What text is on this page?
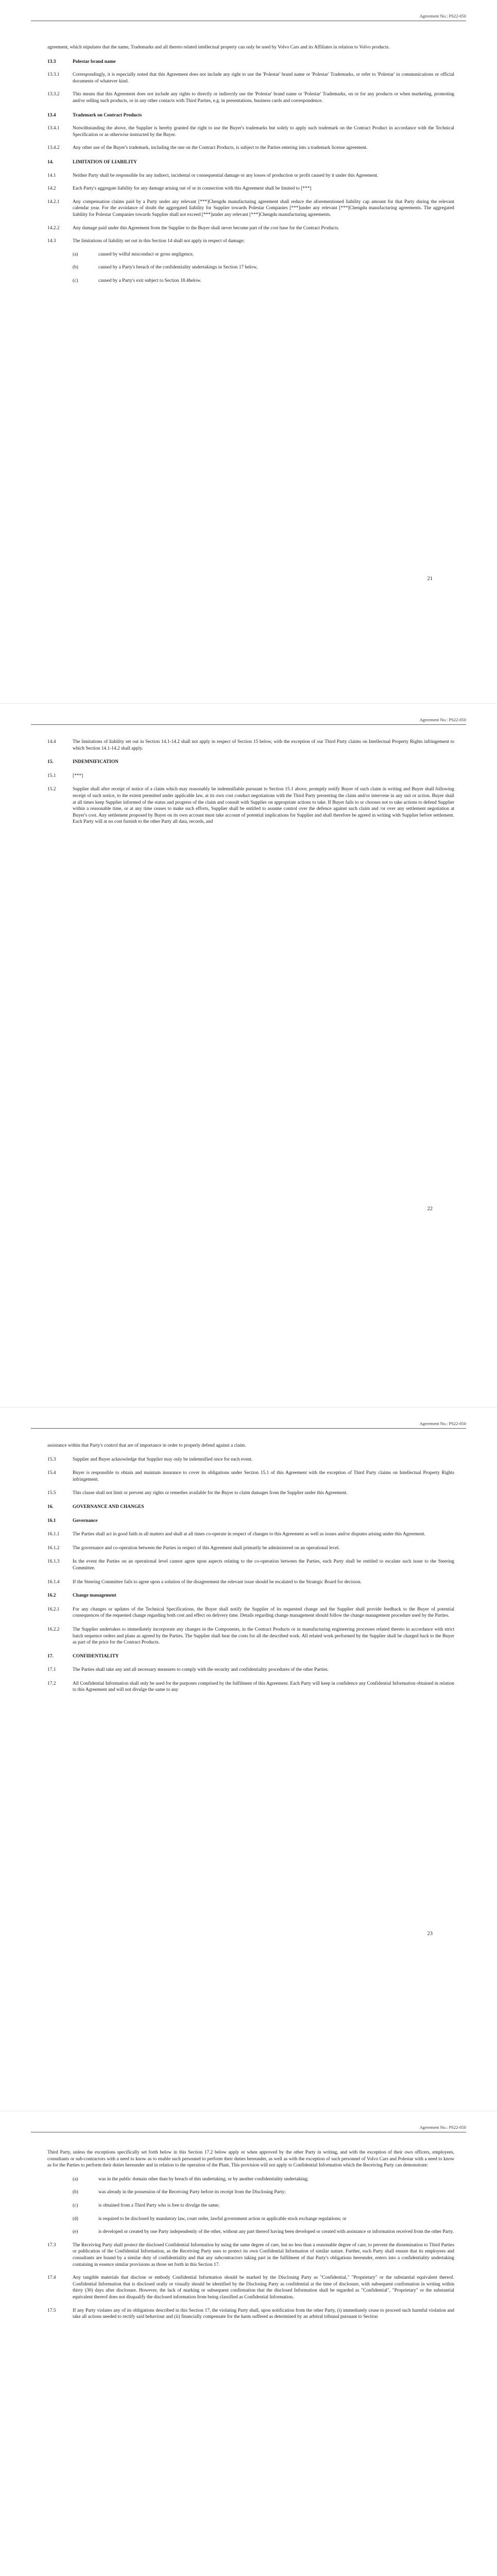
Agreement No.: PS22-050
agreement, which stipulates that the name, Trademarks and all thereto related intellectual property can only be used by Volvo Cars and its Affiliates in relation to Volvo products.
13.3	Polestar brand name
13.3.1	Correspondingly, it is especially noted that this Agreement does not include any right to use the 'Polestar' brand name or 'Polestar' Trademarks, or refer to 'Polestar' in communications or official documents of whatever kind.
13.3.2	This means that this Agreement does not include any rights to directly or indirectly use the 'Polestar' brand name or 'Polestar' Trademarks, on or for any products or when marketing, promoting and/or selling such products, or in any other contacts with Third Parties, e.g. in presentations, business cards and correspondence.
13.4	Trademark on Contract Products
13.4.1	Notwithstanding the above, the Supplier is hereby granted the right to use the Buyer's trademarks but solely to apply such trademark on the Contract Product in accordance with the Technical Specification or as otherwise instructed by the Buyer.
13.4.2	Any other use of the Buyer's trademark, including the one on the Contract Products, is subject to the Parties entering into a trademark license agreement.
14.	LIMITATION OF LIABILITY
14.1	Neither Party shall be responsible for any indirect, incidental or consequential damage or any losses of production or profit caused by it under this Agreement.
14.2	Each Party's aggregate liability for any damage arising out of or in connection with this Agreement shall be limited to [***]
14.2.1	Any compensation claims paid by a Party under any relevant [***]Chengdu manufacturing agreement shall reduce the aforementioned liability cap amount for that Party during the relevant calendar year. For the avoidance of doubt the aggregated liability for Supplier towards Polestar Companies [***]under any relevant [***]Chengdu manufacturing agreements. The aggregated liability for Polestar Companies towards Supplier shall not exceed [***]under any relevant [***]Chengdu manufacturing agreements.
14.2.2	Any damage paid under this Agreement from the Supplier to the Buyer shall never become part of the cost base for the Contract Products.
14.3	The limitations of liability set out in this Section 14 shall not apply in respect of damage;
(a)	caused by wilful misconduct or gross negligence,
(b)	caused by a Party's breach of the confidentiality undertakings in Section 17 below,
(c)	caused by a Party's exit subject to Section 18.4below.
21
Agreement No.: PS22-050
14.4	The limitations of liability set out in Section 14.1-14.2 shall not apply in respect of Section 15 below, with the exception of our Third Party claims on Intellectual Property Rights infringement to which Section 14.1-14.2 shall apply.
15.	INDEMNIFICATION
15.1	[***]
15.2	Supplier shall after receipt of notice of a claim which may reasonably be indemnifiable pursuant to Section 15.1 above, promptly notify Buyer of such claim in writing and Buyer shall following receipt of such notice, to the extent permitted under applicable law, at its own cost conduct negotiations with the Third Party presenting the claim and/or intervene in any suit or action. Buyer shall at all times keep Supplier informed of the status and progress of the claim and consult with Supplier on appropriate actions to take. If Buyer fails to or chooses not to take actions to defend Supplier within a reasonable time, or at any time ceases to make such efforts, Supplier shall be entitled to assume control over the defence against such claim and /or over any settlement negotiation at Buyer's cost. Any settlement proposed by Buyer on its own account must take account of potential implications for Supplier and shall therefore be agreed in writing with Supplier before settlement. Each Party will at no cost furnish to the other Party all data, records, and
22
Agreement No.: PS22-050
assistance within that Party's control that are of importance in order to properly defend against a claim.
15.3	Supplier and Buyer acknowledge that Supplier may only be indemnified once for each event.
15.4	Buyer is responsible to obtain and maintain insurance to cover its obligations under Section 15.1 of this Agreement with the exception of Third Party claims on Intellectual Property Rights infringement.
15.5	This clause shall not limit or prevent any rights or remedies available for the Buyer to claim damages from the Supplier under this Agreement.
16.	GOVERNANCE AND CHANGES
16.1	Governance
16.1.1	The Parties shall act in good faith in all matters and shall at all times co-operate in respect of changes to this Agreement as well as issues and/or disputes arising under this Agreement.
16.1.2	The governance and co-operation between the Parties in respect of this Agreement shall primarily be administered on an operational level.
16.1.3	In the event the Parties on an operational level cannot agree upon aspects relating to the co-operation between the Parties, each Party shall be entitled to escalate such issue to the Steering Committee.
16.1.4	If the Steering Committee fails to agree upon a solution of the disagreement the relevant issue should be escalated to the Strategic Board for decision.
16.2	Change management
16.2.1	For any changes or updates of the Technical Specifications, the Buyer shall notify the Supplier of its requested change and the Supplier shall provide feedback to the Buyer of potential consequences of the requested change regarding both cost and effect on delivery time. Details regarding change management should follow the change management procedure used by the Parties.
16.2.2	The Supplier undertakes to immediately incorporate any changes in the Components, in the Contract Products or in manufacturing engineering processes related thereto in accordance with strict batch sequence orders and plans as agreed by the Parties. The Supplier shall bear the costs for all the described work. All related work performed by the Supplier shall be charged back to the Buyer as part of the price for the Contract Products.
17.	CONFIDENTIALITY
17.1	The Parties shall take any and all necessary measures to comply with the security and confidentiality procedures of the other Parties.
17.2	All Confidential Information shall only be used for the purposes comprised by the fulfilment of this Agreement. Each Party will keep in confidence any Confidential Information obtained in relation to this Agreement and will not divulge the same to any
23
Agreement No.: PS22-050
Third Party, unless the exceptions specifically set forth below in this Section 17.2 below apply or when approved by the other Party in writing, and with the exception of their own officers, employees, consultants or sub-contractors with a need to know as to enable such personnel to perform their duties hereunder, as well as with the exception of such personnel of Volvo Cars and Polestar with a need to know as for the Parties to perform their duties hereunder and in relation to the operation of the Plant. This provision will not apply to Confidential Information which the Receiving Party can demonstrate:
(a)	was in the public domain other than by breach of this undertaking, or by another confidentiality undertaking;
(b)	was already in the possession of the Receiving Party before its receipt from the Disclosing Party;
(c)	is obtained from a Third Party who is free to divulge the same;
(d)	is required to be disclosed by mandatory law, court order, lawful government action or applicable stock exchange regulations; or
(e)	is developed or created by one Party independently of the other, without any part thereof having been developed or created with assistance or information received from the other Party.
17.3	The Receiving Party shall protect the disclosed Confidential Information by using the same degree of care, but no less than a reasonable degree of care, to prevent the dissemination to Third Parties or publication of the Confidential Information, as the Receiving Party uses to protect its own Confidential Information of similar nature. Further, each Party shall ensure that its employees and consultants are bound by a similar duty of confidentiality and that any subcontractors taking part in the fulfilment of that Party's obligations hereunder, enters into a confidentiality undertaking containing in essence similar provisions as those set forth in this Section 17.
17.4	Any tangible materials that disclose or embody Confidential Information should be marked by the Disclosing Party as "Confidential," "Proprietary" or the substantial equivalent thereof. Confidential Information that is disclosed orally or visually should be identified by the Disclosing Party as confidential at the time of disclosure, with subsequent confirmation in writing within thirty (30) days after disclosure. However, the lack of marking or subsequent confirmation that the disclosed Information shall be regarded as "Confidential", "Proprietary" or the substantial equivalent thereof does not disqualify the disclosed information from being classified as Confidential Information.
17.5	If any Party violates any of its obligations described in this Section 17, the violating Party shall, upon notification from the other Party, (i) immediately cease to proceed such harmful violation and take all actions needed to rectify said behaviour and (ii) financially compensate for the harm suffered as determined by an arbitral tribunal pursuant to Section
